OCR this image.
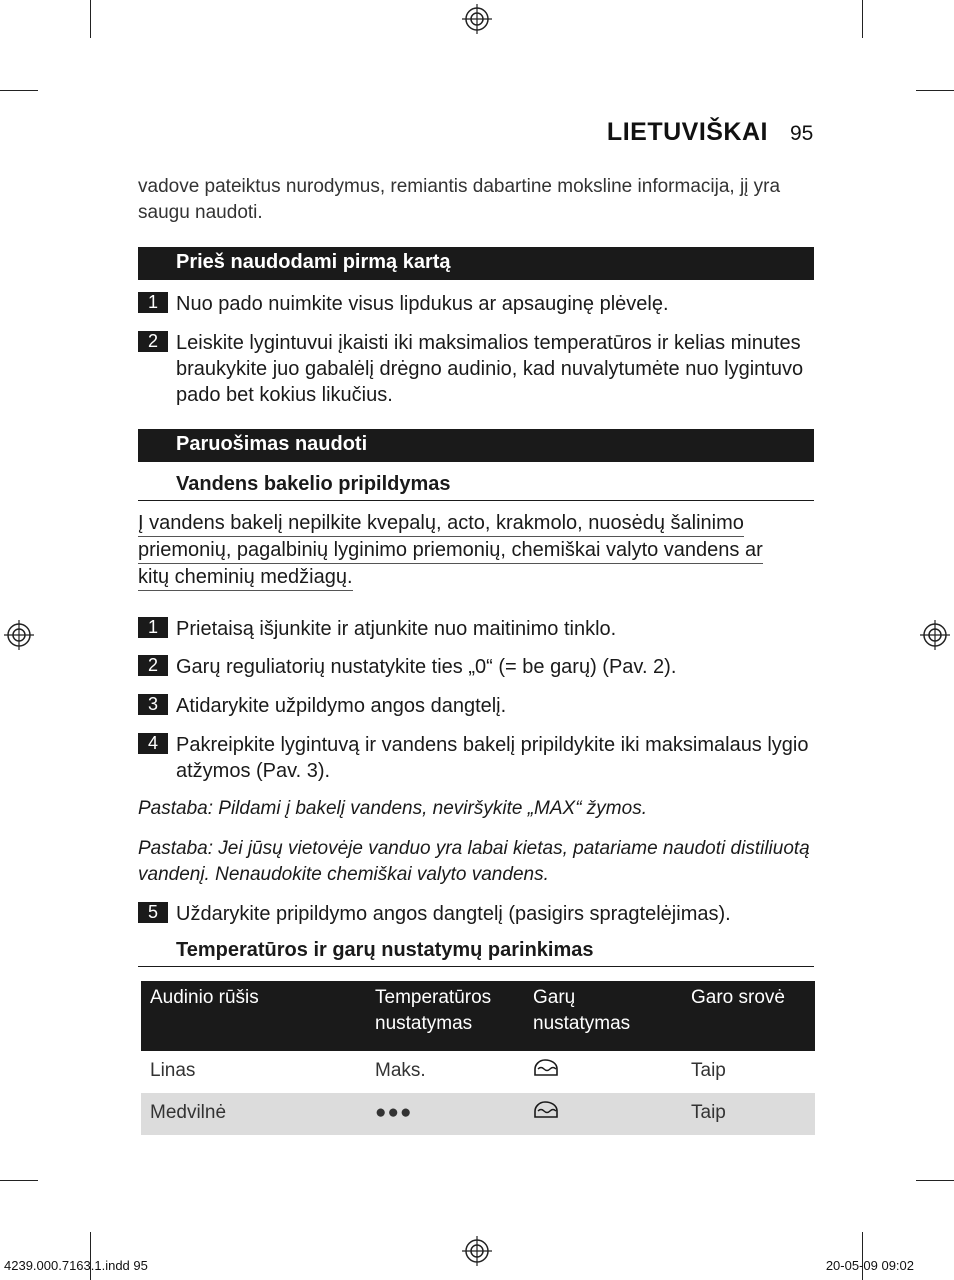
LIETUVIŠKAI 95
vadove pateiktus nurodymus, remiantis dabartine moksline informacija, jį yra saugu naudoti.
Prieš naudodami pirmą kartą
1 Nuo pado nuimkite visus lipdukus ar apsauginę plėvelę.
2 Leiskite lygintuvui įkaisti iki maksimalios temperatūros ir kelias minutes braukykite juo gabalėlį drėgno audinio, kad nuvalytumėte nuo lygintuvo pado bet kokius likučius.
Paruošimas naudoti
Vandens bakelio pripildymas
Į vandens bakelį nepilkite kvepalų, acto, krakmolo, nuosėdų šalinimo
priemonių, pagalbinių lyginimo priemonių, chemiškai valyto vandens ar
kitų cheminių medžiagų.
1 Prietaisą išjunkite ir atjunkite nuo maitinimo tinklo.
2 Garų reguliatorių nustatykite ties „0“ (= be garų) (Pav. 2).
3 Atidarykite užpildymo angos dangtelį.
4 Pakreipkite lygintuvą ir vandens bakelį pripildykite iki maksimalaus lygio atžymos (Pav. 3).
Pastaba: Pildami į bakelį vandens, neviršykite „MAX“ žymos.
Pastaba: Jei jūsų vietovėje vanduo yra labai kietas, patariame naudoti distiliuotą vandenį. Nenaudokite chemiškai valyto vandens.
5 Uždarykite pripildymo angos dangtelį (pasigirs spragtelėjimas).
Temperatūros ir garų nustatymų parinkimas
Audinio rūšis	Temperatūros nustatymas	Garų nustatymas	Garo srovė
Linas	Maks.		Taip
Medvilnė	●●●		Taip
4239.000.7163.1.indd 95	20-05-09 09:02
